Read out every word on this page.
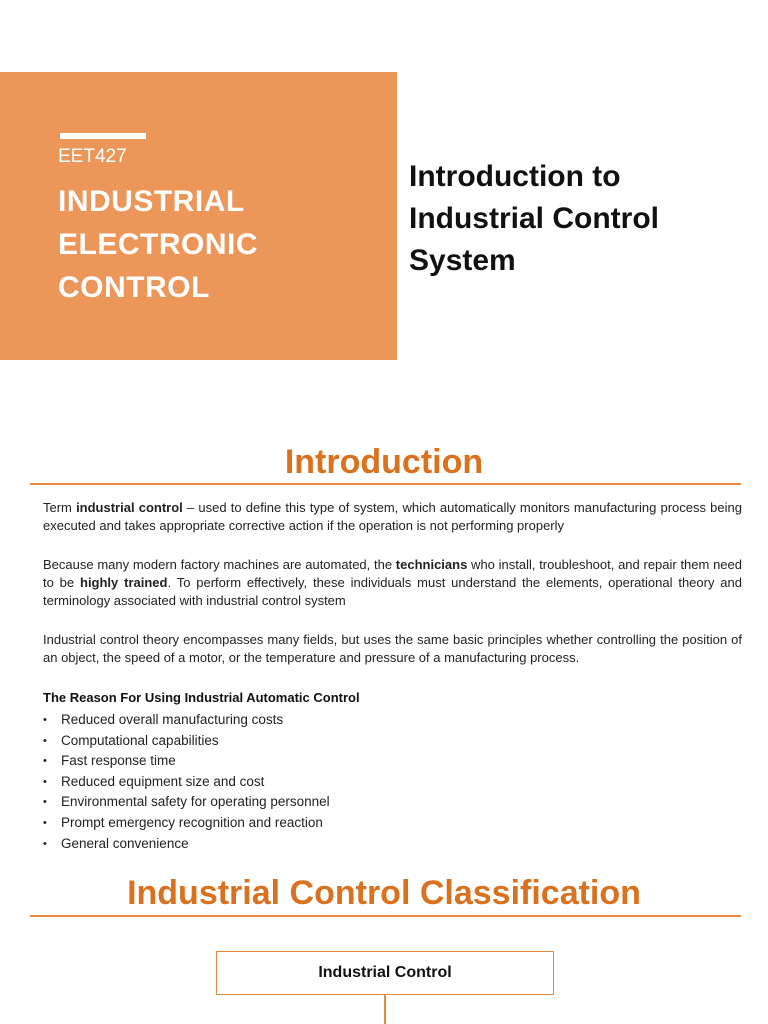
EET427
INDUSTRIAL ELECTRONIC CONTROL
Introduction to Industrial Control System
Introduction
Term industrial control – used to define this type of system, which automatically monitors manufacturing process being executed and takes appropriate corrective action if the operation is not performing properly
Because many modern factory machines are automated, the technicians who install, troubleshoot, and repair them need to be highly trained. To perform effectively, these individuals must understand the elements, operational theory and terminology associated with industrial control system
Industrial control theory encompasses many fields, but uses the same basic principles whether controlling the position of an object, the speed of a motor, or the temperature and pressure of a manufacturing process.
The Reason For Using Industrial Automatic Control
• Reduced overall manufacturing costs
• Computational capabilities
• Fast response time
• Reduced equipment size and cost
• Environmental safety for operating personnel
• Prompt emergency recognition and reaction
• General convenience
Industrial Control Classification
Industrial Control
